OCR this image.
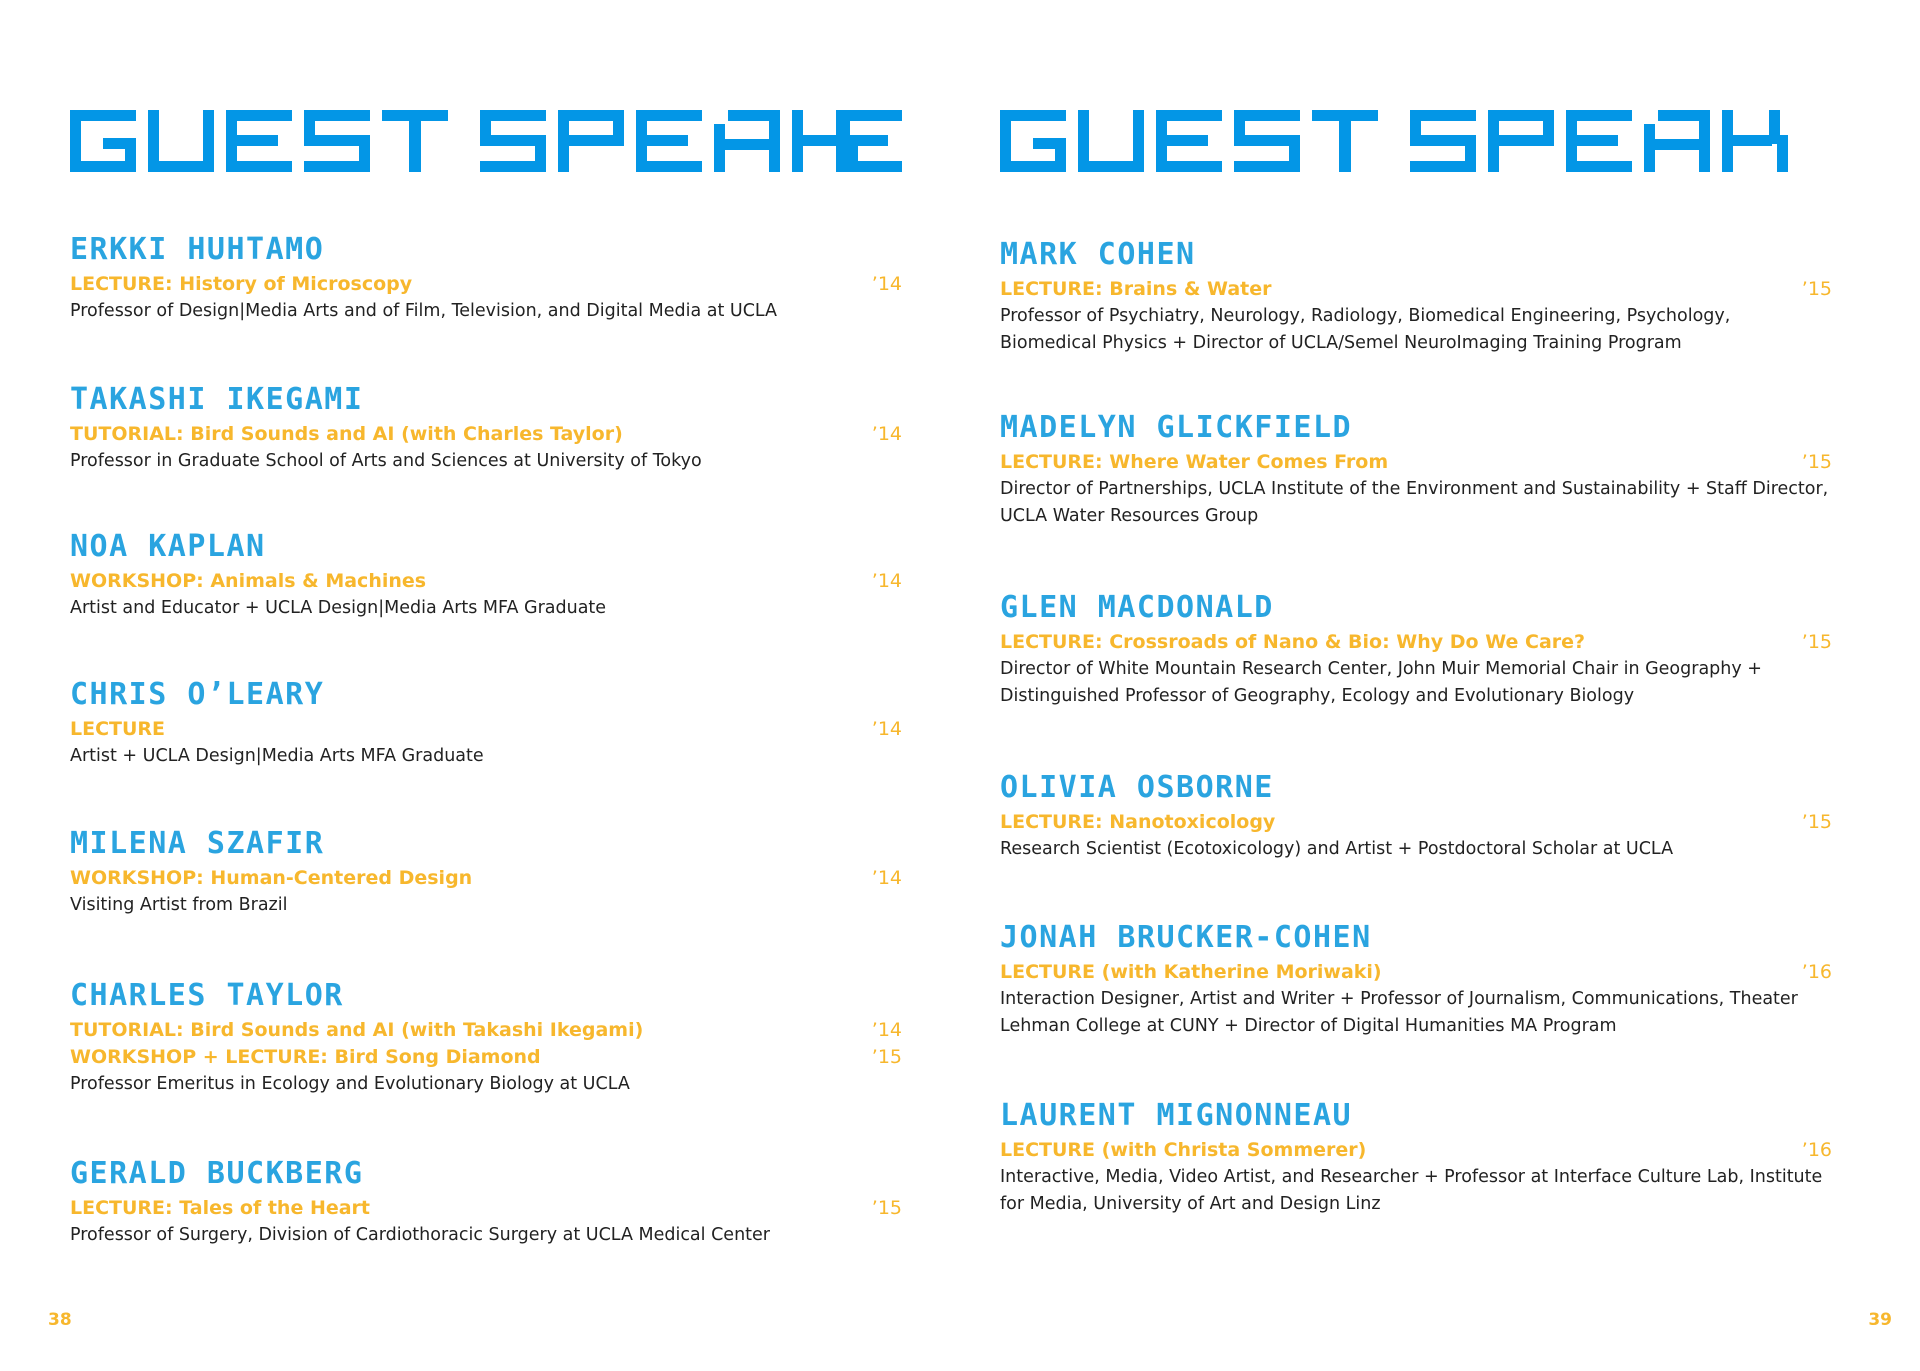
ERKKI HUHTAMO
LECTURE: History of Microscopy	’14

Professor of Design|Media Arts and of Film, Television, and Digital Media at UCLA

TAKASHI IKEGAMI
TUTORIAL: Bird Sounds and AI (with Charles Taylor)	’14

Professor in Graduate School of Arts and Sciences at University of Tokyo

NOA KAPLAN
WORKSHOP: Animals & Machines	’14

Artist and Educator + UCLA Design|Media Arts MFA Graduate

CHRIS O’LEARY
LECTURE	’14

Artist + UCLA Design|Media Arts MFA Graduate

MILENA SZAFIR
WORKSHOP: Human-Centered Design	’14

Visiting Artist from Brazil

CHARLES TAYLOR
TUTORIAL: Bird Sounds and AI (with Takashi Ikegami)	’14
WORKSHOP + LECTURE: Bird Song Diamond	’15

Professor Emeritus in Ecology and Evolutionary Biology at UCLA

GERALD BUCKBERG
LECTURE: Tales of the Heart	’15

Professor of Surgery, Division of Cardiothoracic Surgery at UCLA Medical Center

38
MARK COHEN
LECTURE: Brains & Water	’15

Professor of Psychiatry, Neurology, Radiology, Biomedical Engineering, Psychology, Biomedical Physics + Director of UCLA/Semel NeuroImaging Training Program

MADELYN GLICKFIELD
LECTURE: Where Water Comes From	’15

Director of Partnerships, UCLA Institute of the Environment and Sustainability + Staff Director, UCLA Water Resources Group

GLEN MACDONALD
LECTURE: Crossroads of Nano & Bio: Why Do We Care?	’15

Director of White Mountain Research Center, John Muir Memorial Chair in Geography + Distinguished Professor of Geography, Ecology and Evolutionary Biology

OLIVIA OSBORNE
LECTURE: Nanotoxicology	’15

Research Scientist (Ecotoxicology) and Artist + Postdoctoral Scholar at UCLA

JONAH BRUCKER-COHEN
LECTURE (with Katherine Moriwaki)	’16

Interaction Designer, Artist and Writer + Professor of Journalism, Communications, Theater Lehman College at CUNY + Director of Digital Humanities MA Program

LAURENT MIGNONNEAU
LECTURE (with Christa Sommerer)	’16

Interactive, Media, Video Artist, and Researcher + Professor at Interface Culture Lab, Institute for Media, University of Art and Design Linz

39
